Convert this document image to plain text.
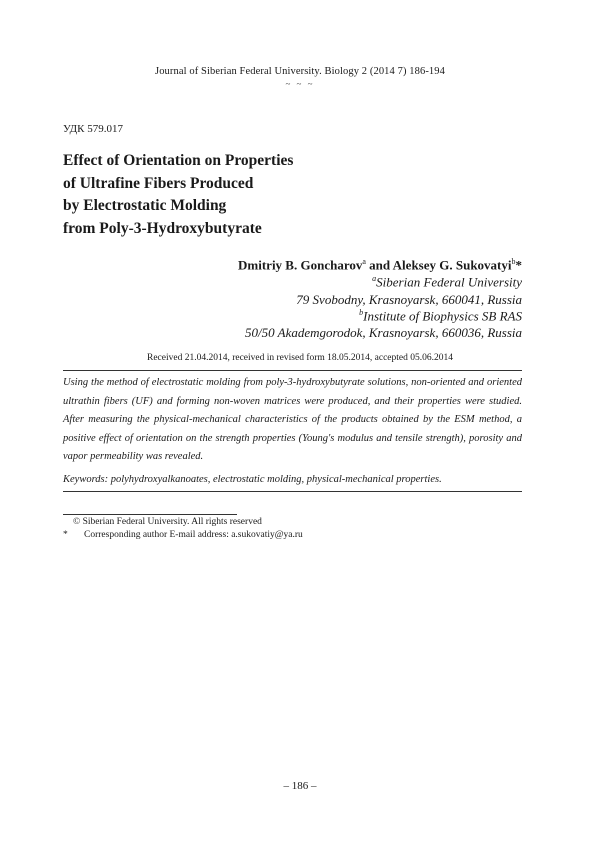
Journal of Siberian Federal University. Biology 2 (2014 7) 186-194
~ ~ ~
УДК 579.017
Effect of Orientation on Properties
of Ultrafine Fibers Produced
by Electrostatic Molding
from Poly-3-Hydroxybutyrate
Dmitriy B. Goncharov$^a$ and Aleksey G. Sukovatyi$^b$*
$^a$Siberian Federal University
79 Svobodny, Krasnoyarsk, 660041, Russia
$^b$Institute of Biophysics SB RAS
50/50 Akademgorodok, Krasnoyarsk, 660036, Russia
Received 21.04.2014, received in revised form 18.05.2014, accepted 05.06.2014
Using the method of electrostatic molding from poly-3-hydroxybutyrate solutions, non-oriented and oriented ultrathin fibers (UF) and forming non-woven matrices were produced, and their properties were studied. After measuring the physical-mechanical characteristics of the products obtained by the ESM method, a positive effect of orientation on the strength properties (Young's modulus and tensile strength), porosity and vapor permeability was revealed.
Keywords: polyhydroxyalkanoates, electrostatic molding, physical-mechanical properties.
© Siberian Federal University. All rights reserved
* Corresponding author E-mail address: a.sukovatiy@ya.ru
– 186 –
